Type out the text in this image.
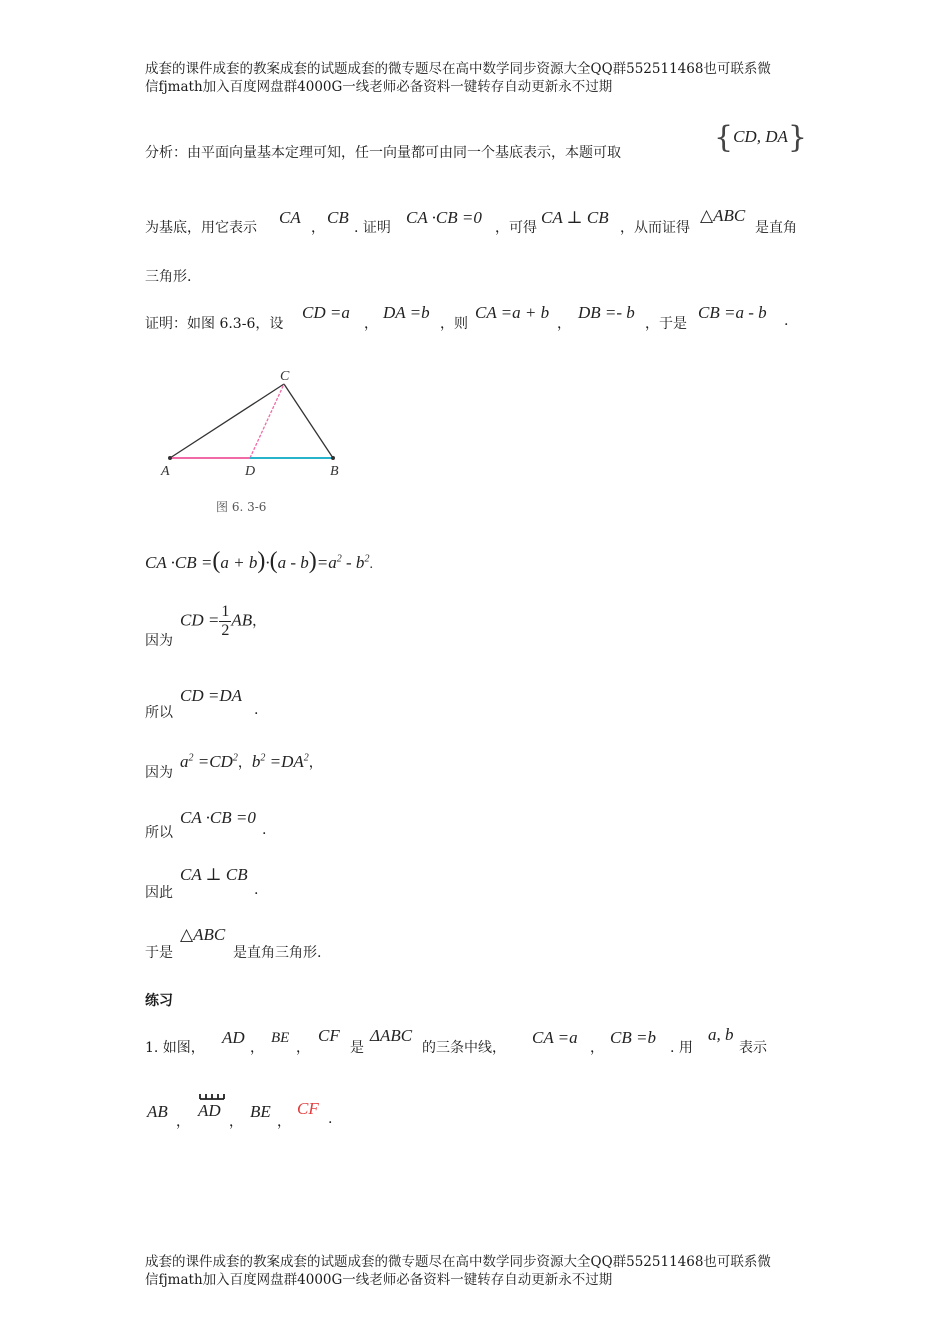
成套的课件成套的教案成套的试题成套的微专题尽在高中数学同步资源大全QQ群552511468也可联系微
信fjmath加入百度网盘群4000G一线老师必备资料一键转存自动更新永不过期
分析：由平面向量基本定理可知，任一向量都可由同一个基底表示，本题可取	{CD, DA}
为基底，用它表示
CA
，
CB
. 证明
CA ·CB =0
，可得
CA ⊥ CB
，从而证得
△ABC
是直角
三角形.
证明：如图 6.3-6，设
CD =a
，
DA =b
，则
CA =a + b
，
DB =- b
，于是
CB =a - b .
C
A	D	B
图 6. 3-6
CA $\cdot CB =(a + b)\cdot(a - b)=a^2 - b^2$.
因为
CD = $\frac{1}{2}$ AB，
所以
CD =DA
.
因为
$a^2 =CD^2$，$b^2 =DA^2$，
所以
CA ·CB =0
.
因此
CA ⊥ CB
.
于是
△ABC
是直角三角形.
练习
1. 如图，
AD
，
BE
，
CF
是
ΔABC
的三条中线，
CA =a
，
CB =b
. 用
a, b
表示
AB
，
AD
，
BE
，
CF
.
成套的课件成套的教案成套的试题成套的微专题尽在高中数学同步资源大全QQ群552511468也可联系微
信fjmath加入百度网盘群4000G一线老师必备资料一键转存自动更新永不过期
